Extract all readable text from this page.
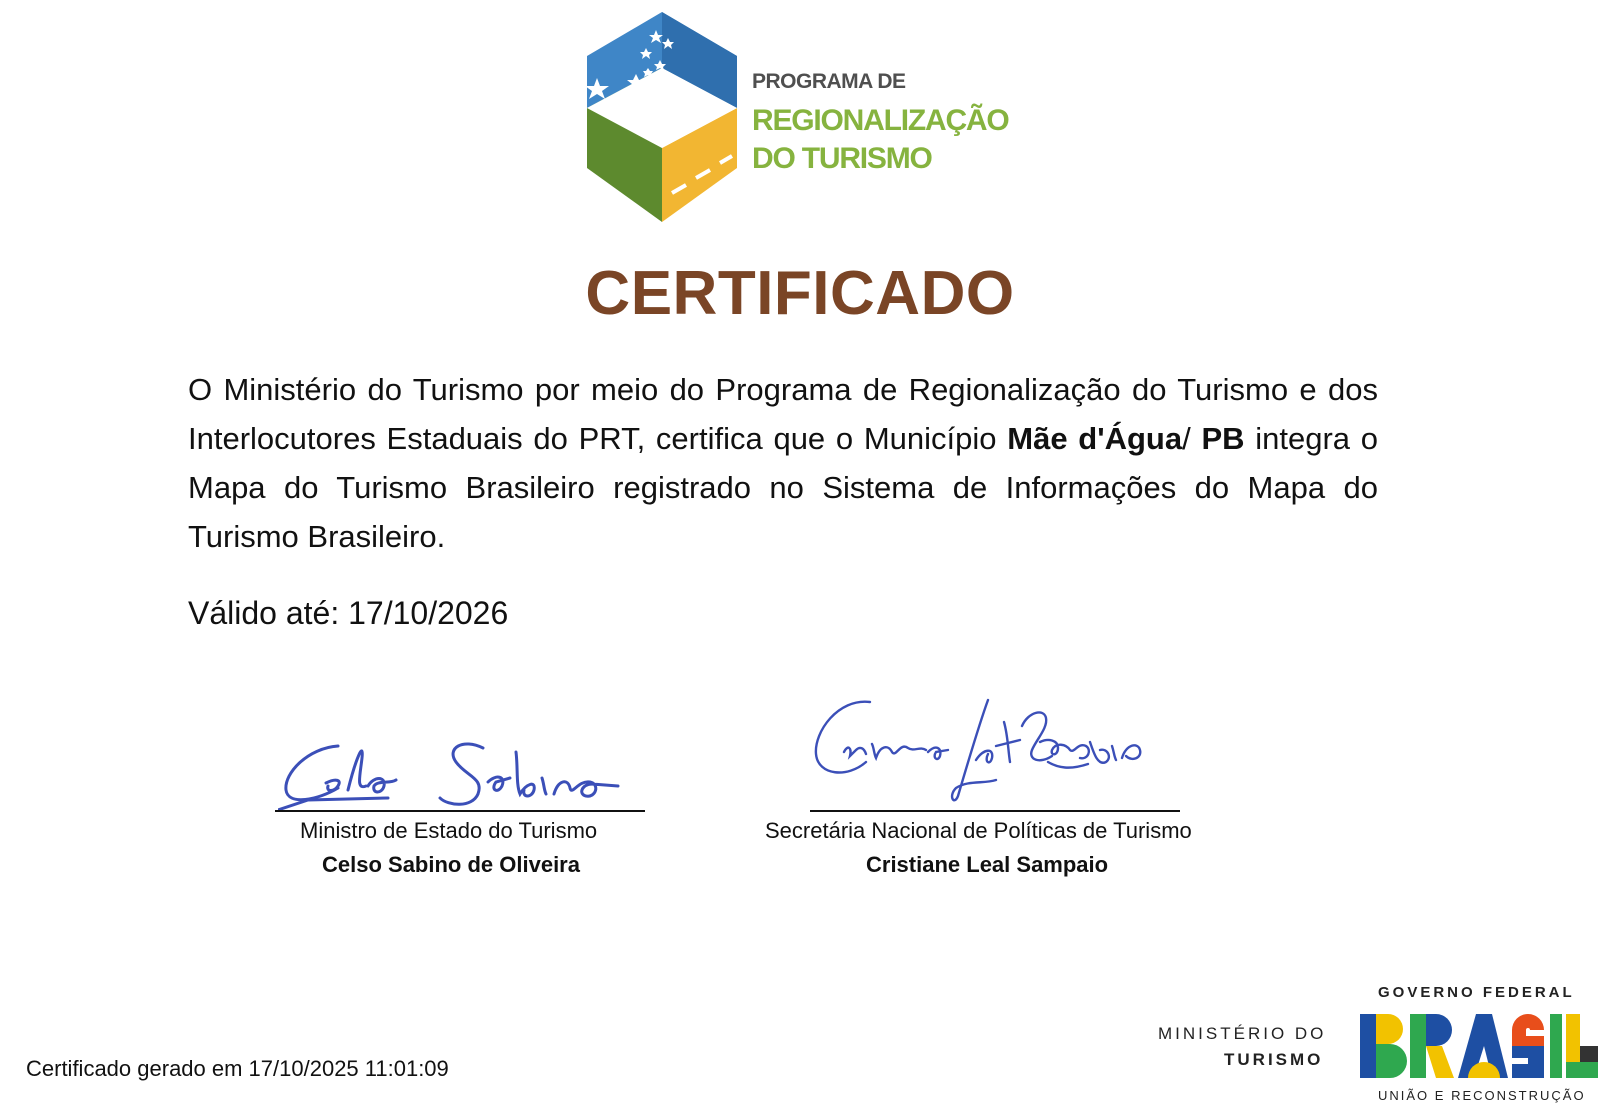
PROGRAMA DE
REGIONALIZAÇÃO
DO TURISMO
CERTIFICADO
O Ministério do Turismo por meio do Programa de Regionalização do Turismo e dos Interlocutores Estaduais do PRT, certifica que o Município Mãe d'Água/ PB integra o Mapa do Turismo Brasileiro registrado no Sistema de Informações do Mapa do Turismo Brasileiro.
Válido até: 17/10/2026
Ministro de Estado do Turismo
Celso Sabino de Oliveira
Secretária Nacional de Políticas de Turismo
Cristiane Leal Sampaio
Certificado gerado em 17/10/2025 11:01:09
MINISTÉRIO DO
TURISMO
GOVERNO FEDERAL
UNIÃO E RECONSTRUÇÃO
